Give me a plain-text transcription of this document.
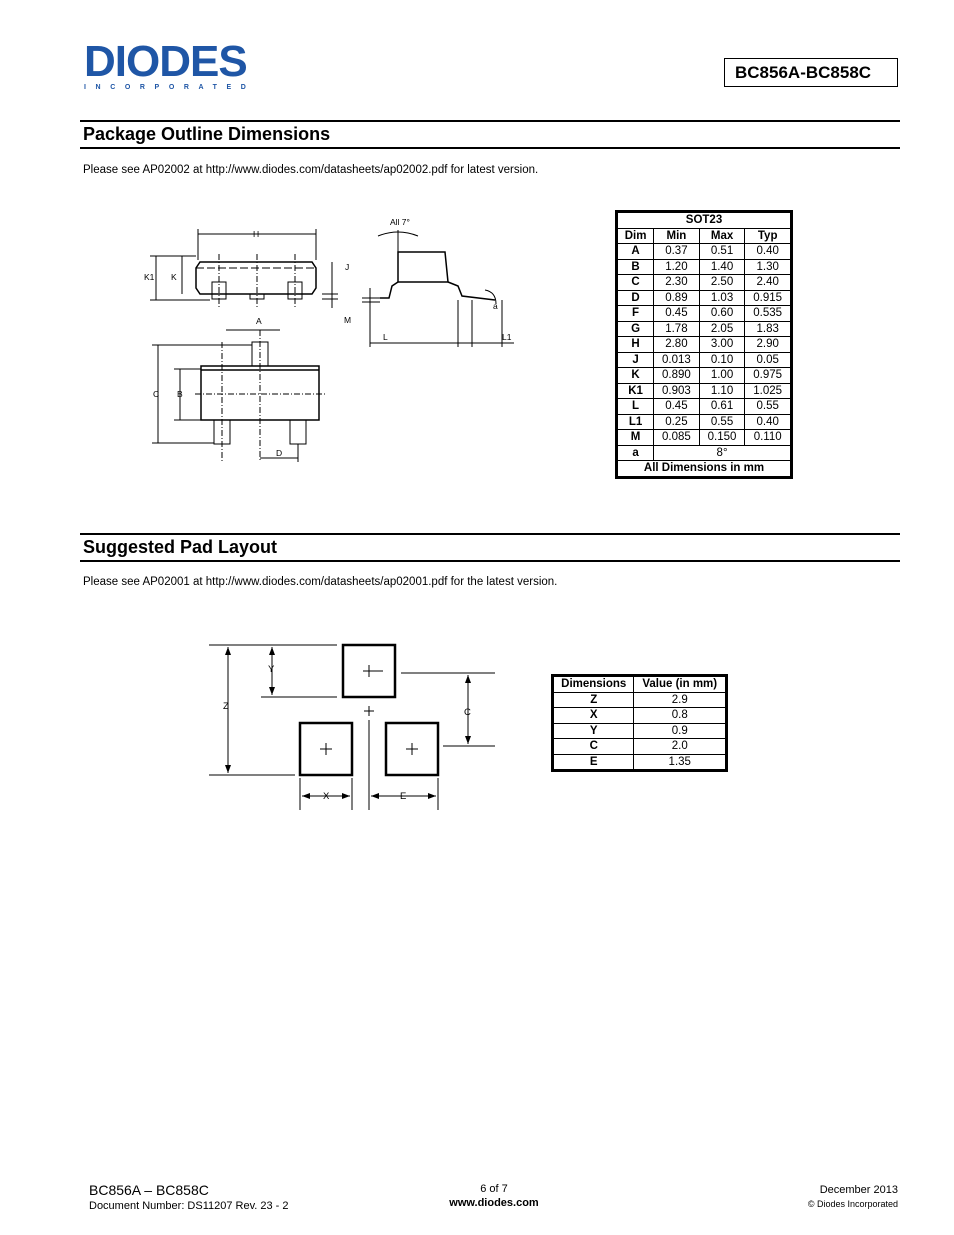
DIODES
INCORPORATED
BC856A-BC858C
Package Outline Dimensions
Please see AP02002 at http://www.diodes.com/datasheets/ap02002.pdf for latest version.
H
K1 K
J
M
L	L1
All 7°
a
A
C B
D
SOT23			
Dim	Min	Max	Typ
A	0.37	0.51	0.40
B	1.20	1.40	1.30
C	2.30	2.50	2.40
D	0.89	1.03	0.915
F	0.45	0.60	0.535
G	1.78	2.05	1.83
H	2.80	3.00	2.90
J	0.013	0.10	0.05
K	0.890	1.00	0.975
K1	0.903	1.10	1.025
L	0.45	0.61	0.55
L1	0.25	0.55	0.40
M	0.085	0.150	0.110
a	8°		
All Dimensions in mm			
Suggested Pad Layout
Please see AP02001 at http://www.diodes.com/datasheets/ap02001.pdf for the latest version.
Z
Y
C
X	E
Dimensions	Value (in mm)
Z	2.9
X	0.8
Y	0.9
C	2.0
E	1.35
BC856A – BC858C
Document Number: DS11207 Rev. 23 - 2
6 of 7
www.diodes.com
December 2013
© Diodes Incorporated
